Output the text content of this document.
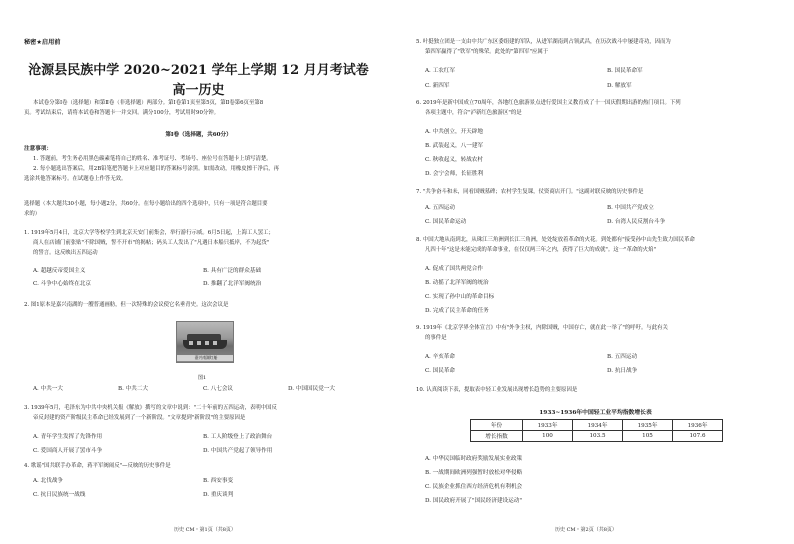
秘密★启用前
沧源县民族中学 2020~2021 学年上学期 12 月月考试卷
高一历史
本试卷分第Ⅰ卷（选择题）和第Ⅱ卷（非选择题）两部分。第Ⅰ卷第1页至第5页，第Ⅱ卷第6页至第8
页。考试结束后，请将本试卷和答题卡一并交回。满分100分，考试用时90分钟。
第Ⅰ卷（选择题，共60分）
注意事项：
1. 答题前，考生务必用黑色碳素笔将自己的姓名、准考证号、考场号、座位号在答题卡上填写清楚。
2. 每小题选出答案后，用2B铅笔把答题卡上对应题目的答案标号涂黑。如需改动，用橡皮擦干净后，再
选涂其他答案标号。在试题卷上作答无效。
选择题（本大题共30小题，每小题2分，共60分。在每小题给出的四个选项中，只有一项是符合题目要
求的）
1. 1919年5月4日，北京大学等校学生到北京天安门前集会，举行游行示威。6月5日起，上海工人罢工；
商人在店铺门前张贴"不除国贼，誓不开市"的揭帖；码头工人发出了"凡遇日本船只抵岸，不为起货"
的誓言。这反映出五四运动
A. 超越反帝爱国主义	B. 具有广泛的群众基础
C. 斗争中心始终在北京	D. 推翻了北洋军阀统治
2. 图1原本是嘉兴南湖的一艘普通画舫，但一次特殊的会议使它名垂青史。这次会议是
嘉兴南湖红船
图1
A. 中共一大	B. 中共二大	C. 八七会议	D. 中国国民党一大
3. 1939年5月，毛泽东为中共中央机关报《解放》撰写的文章中说到："二十年前的五四运动，表明中国反
帝反封建的资产阶级民主革命已经发展到了一个新阶段。"文章提到"新阶段"的主要原因是
A. 青年学生发挥了先锋作用	B. 工人阶级登上了政治舞台
C. 爱国商人开展了罢市斗争	D. 中国共产党起了领导作用
4. 歌谣"国共联手办革命，蒋平军阀闹反"—反映的历史事件是
A. 北伐战争	B. 西安事变
C. 抗日民族统一战线	D. 重庆谈判
历史 CM・第1页（共8页）
5. 叶挺独立团是一支由中共广东区委组建的军队，从进军湖南到占领武昌，在历次战斗中屡建奇功，因而为
第四军赢得了"铁军"的殊荣。此处的"第四军"应属于
A. 工农红军	B. 国民革命军
C. 新四军	D. 解放军
6. 2019年是新中国成立70周年，各地红色旅游景点进行爱国主义教育成了十一国庆假期出游的热门项目。下列
各项主题中，符合"泸新红色旅游区"的是
A. 中共创立，开天辟地
B. 武装起义，八一建军
C. 秋收起义，转战农村
D. 会宁会师，长征胜利
7. "共争奋斗和未，同看国贼墓碑；农村学生复课，仗资商店开门。"这副对联反映的历史事件是
A. 五四运动	B. 中国共产党成立
C. 国民革命运动	D. 台湾人民反割台斗争
8. 中国大地从南到北，从珠江三角洲到长江三角洲，处处绽放着革命的火花。到处都有"接受孙中山先生致力国民革命
凡四十年"这是未能完成的革命事业，在仅仅两三年之内，获得了巨大的成就"。这一"革命的火焰"
A. 促成了国共两党合作
B. 动摇了北洋军阀的统治
C. 实现了孙中山的革命目标
D. 完成了民主革命的任务
9. 1919年《北京学界全体宣言》中有"外争主权，内除国贼，中国存亡，就在此一举了"的呼吁。与此有关
的事件是
A. 辛亥革命	B. 五四运动
C. 国民革命	D. 抗日战争
10. 认真阅读下表，提取表中轻工业发展出现增长趋势的主要原因是
1933~1936年中国轻工业平均指数增长表
年份	1933年	1934年	1935年	1936年
增长指数	100	103.5	105	107.6
A. 中华民国临时政府奖励发展实业政策
B. 一战期间欧洲列强暂时放松对华侵略
C. 民族企业抓住西方经济危机有利机会
D. 国民政府开展了"国民经济建设运动"
历史 CM・第2页（共8页）
